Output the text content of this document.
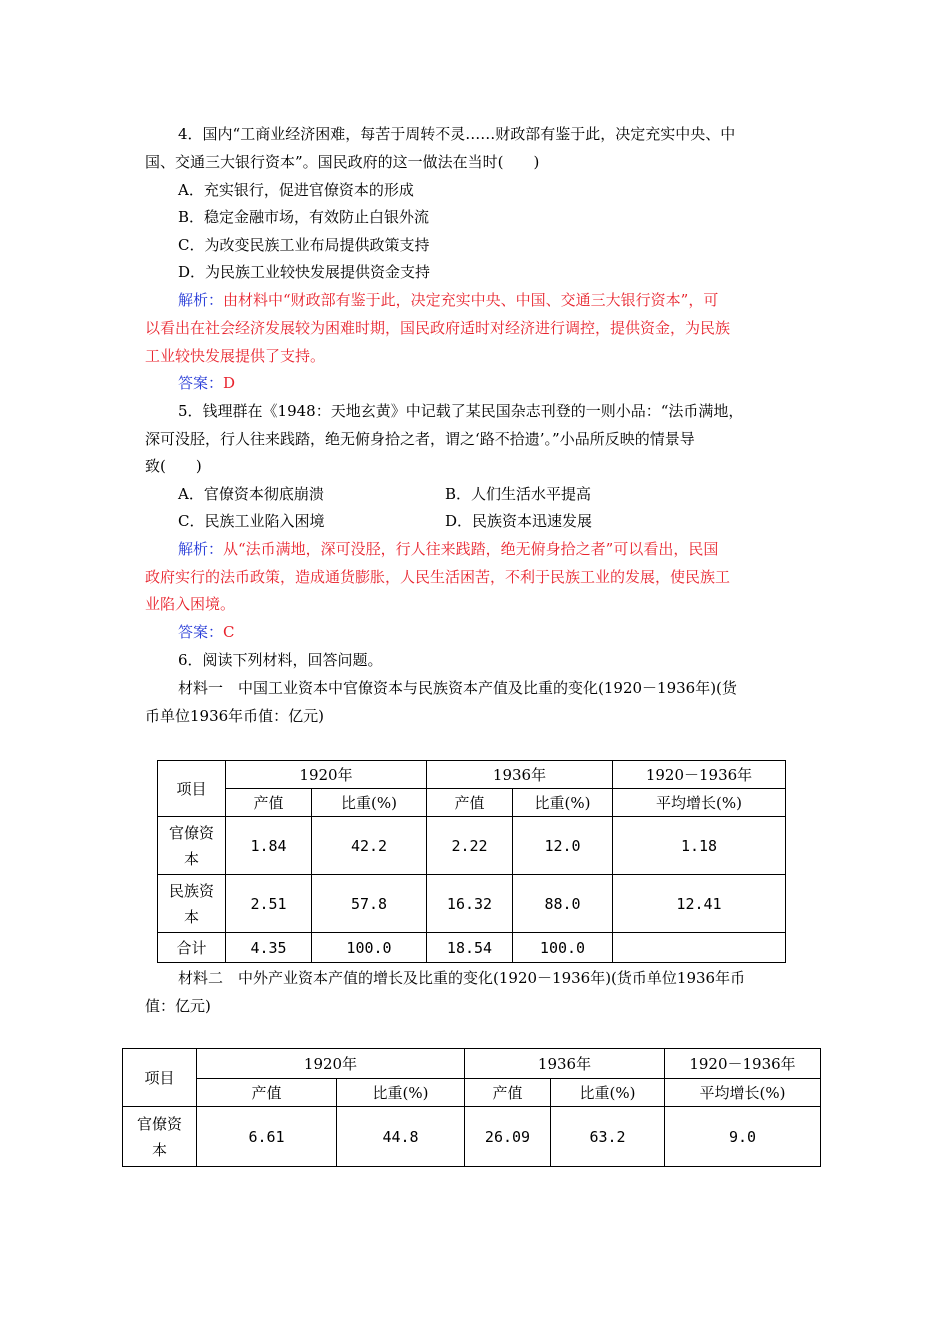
4．国内“工商业经济困难，每苦于周转不灵……财政部有鉴于此，决定充实中央、中
国、交通三大银行资本”。国民政府的这一做法在当时(　　)
A．充实银行，促进官僚资本的形成
B．稳定金融市场，有效防止白银外流
C．为改变民族工业布局提供政策支持
D．为民族工业较快发展提供资金支持
解析：由材料中“财政部有鉴于此，决定充实中央、中国、交通三大银行资本”，可
以看出在社会经济发展较为困难时期，国民政府适时对经济进行调控，提供资金，为民族
工业较快发展提供了支持。
答案：D
5．钱理群在《1948：天地玄黄》中记载了某民国杂志刊登的一则小品：“法币满地，
深可没胫，行人往来践踏，绝无俯身拾之者，谓之‘路不拾遗’。”小品所反映的情景导
致(　　)
A．官僚资本彻底崩溃	B．人们生活水平提高
C．民族工业陷入困境	D．民族资本迅速发展
解析：从“法币满地，深可没胫，行人往来践踏，绝无俯身拾之者”可以看出，民国
政府实行的法币政策，造成通货膨胀，人民生活困苦，不利于民族工业的发展，使民族工
业陷入困境。
答案：C
6．阅读下列材料，回答问题。
材料一　中国工业资本中官僚资本与民族资本产值及比重的变化(1920－1936年)(货
币单位1936年币值：亿元)
项目	1920年		1936年		1920－1936年
	产值	比重(%)	产值	比重(%)	平均增长(%)

官僚资
本	1.84	42.2	2.22	12.0	1.18

民族资
本	2.51	57.8	16.32	88.0	12.41
合计	4.35	100.0	18.54	100.0	
材料二　中外产业资本产值的增长及比重的变化(1920－1936年)(货币单位1936年币
值：亿元)
项目	1920年		1936年		1920－1936年
	产值	比重(%)	产值	比重(%)	平均增长(%)

官僚资
本	6.61	44.8	26.09	63.2	9.0
